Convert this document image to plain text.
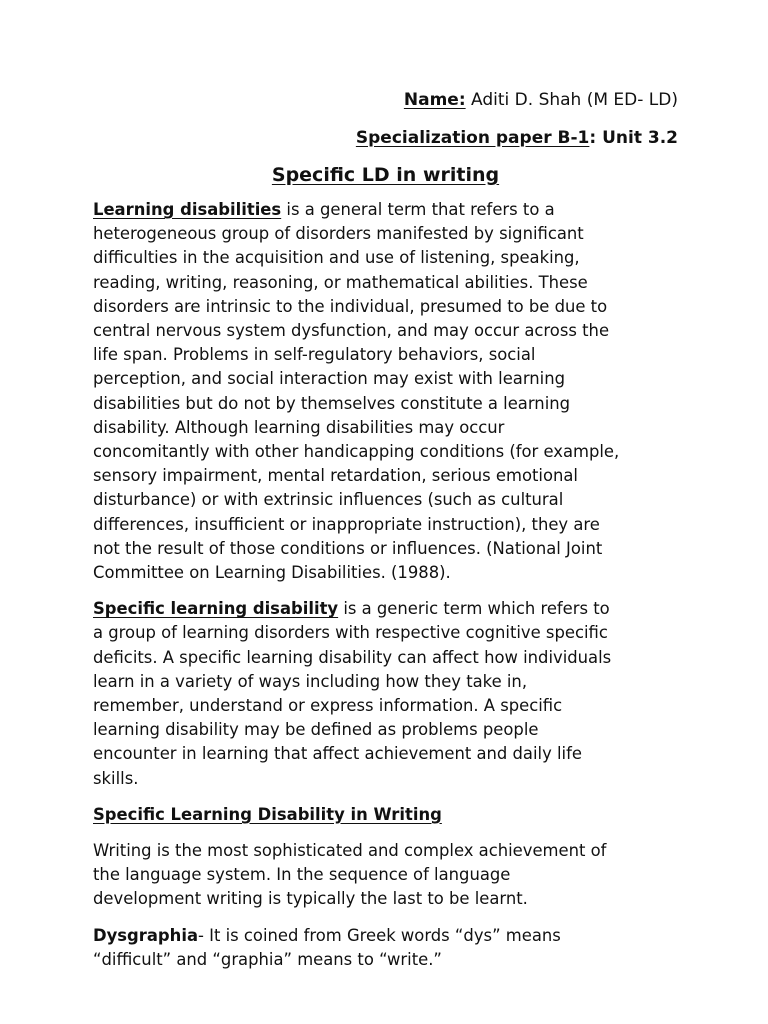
Name: Aditi D. Shah (M ED- LD)

Specialization paper B-1: Unit 3.2

Specific LD in writing
Learning disabilities is a general term that refers to a
heterogeneous group of disorders manifested by significant
difficulties in the acquisition and use of listening, speaking,
reading, writing, reasoning, or mathematical abilities. These
disorders are intrinsic to the individual, presumed to be due to
central nervous system dysfunction, and may occur across the
life span. Problems in self-regulatory behaviors, social
perception, and social interaction may exist with learning
disabilities but do not by themselves constitute a learning
disability. Although learning disabilities may occur
concomitantly with other handicapping conditions (for example,
sensory impairment, mental retardation, serious emotional
disturbance) or with extrinsic influences (such as cultural
differences, insufficient or inappropriate instruction), they are
not the result of those conditions or influences. (National Joint
Committee on Learning Disabilities. (1988).
Specific learning disability is a generic term which refers to
a group of learning disorders with respective cognitive specific
deficits. A specific learning disability can affect how individuals
learn in a variety of ways including how they take in,
remember, understand or express information. A specific
learning disability may be defined as problems people
encounter in learning that affect achievement and daily life
skills.
Specific Learning Disability in Writing
Writing is the most sophisticated and complex achievement of
the language system. In the sequence of language
development writing is typically the last to be learnt.
Dysgraphia- It is coined from Greek words “dys” means
“difficult” and “graphia” means to “write.”
